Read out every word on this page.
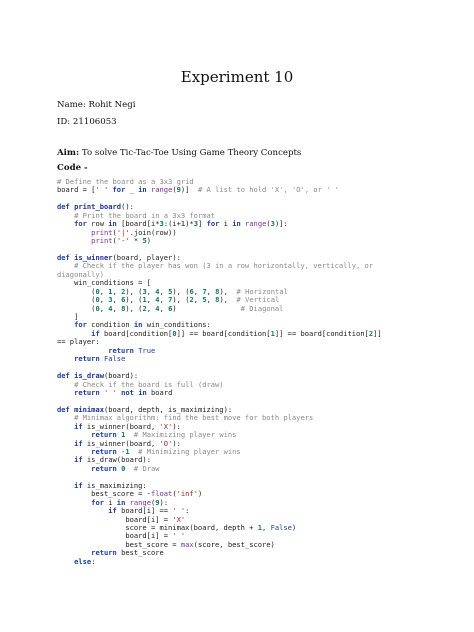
Experiment 10
Name: Rohit Negi
ID: 21106053
Aim: To solve Tic-Tac-Toe Using Game Theory Concepts
Code -
# Define the board as a 3x3 grid
board = [' ' for _ in range(9)]  # A list to hold 'X', 'O', or ' '
def print_board():
# Print the board in a 3x3 format
for row in [board[i*3:(i+1)*3] for i in range(3)]:
print('|'.join(row))
print('-' * 5)
def is_winner(board, player):
# Check if the player has won (3 in a row horizontally, vertically, or
diagonally)
win_conditions = [
(0, 1, 2), (3, 4, 5), (6, 7, 8),  # Horizontal
(0, 3, 6), (1, 4, 7), (2, 5, 8),  # Vertical
(0, 4, 8), (2, 4, 6)               # Diagonal
]
for condition in win_conditions:
if board[condition[0]] == board[condition[1]] == board[condition[2]]
== player:
return True
return False
def is_draw(board):
# Check if the board is full (draw)
return ' ' not in board
def minimax(board, depth, is_maximizing):
# Minimax algorithm: find the best move for both players
if is_winner(board, 'X'):
return 1 # Maximizing player wins
if is_winner(board, 'O'):
return -1 # Minimizing player wins
if is_draw(board):
return 0 # Draw
if is_maximizing:
best_score = -float('inf')
for i in range(9):
if board[i] == ' ':
board[i] = 'X'
score = minimax(board, depth + 1, False)
board[i] = ' '
best_score = max(score, best_score)
return best_score
else:
